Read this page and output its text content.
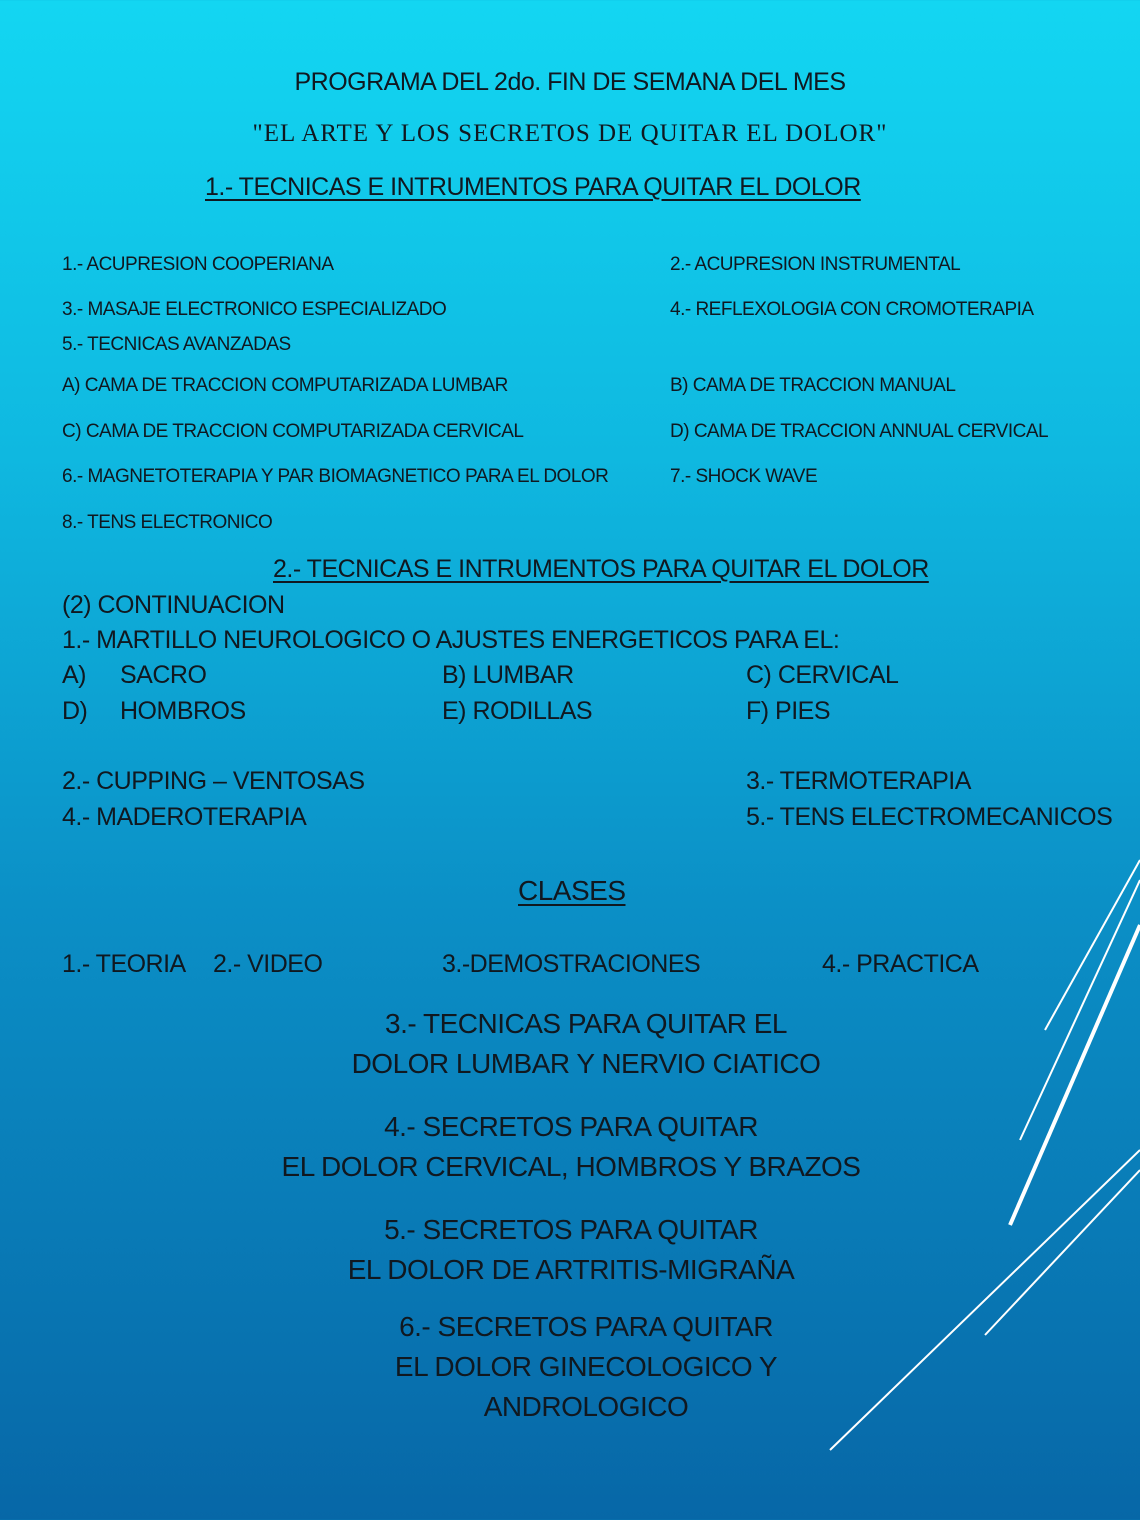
PROGRAMA DEL 2do. FIN DE SEMANA DEL MES
"EL ARTE Y LOS SECRETOS DE QUITAR EL DOLOR"
1.- TECNICAS E INTRUMENTOS PARA QUITAR EL DOLOR
1.- ACUPRESION COOPERIANA	2.- ACUPRESION INSTRUMENTAL
3.- MASAJE ELECTRONICO ESPECIALIZADO	4.- REFLEXOLOGIA CON CROMOTERAPIA
5.- TECNICAS AVANZADAS
A) CAMA DE TRACCION COMPUTARIZADA LUMBAR	B) CAMA DE TRACCION MANUAL
C) CAMA DE TRACCION COMPUTARIZADA CERVICAL	D) CAMA DE TRACCION ANNUAL CERVICAL
6.- MAGNETOTERAPIA Y PAR BIOMAGNETICO PARA EL DOLOR	7.- SHOCK WAVE
8.- TENS ELECTRONICO
2.- TECNICAS E INTRUMENTOS PARA QUITAR EL DOLOR
(2) CONTINUACION
1.- MARTILLO NEUROLOGICO O AJUSTES ENERGETICOS PARA EL:
A) SACRO	B) LUMBAR	C) CERVICAL
D) HOMBROS	E) RODILLAS	F) PIES
2.- CUPPING – VENTOSAS	3.- TERMOTERAPIA
4.- MADEROTERAPIA	5.- TENS ELECTROMECANICOS
CLASES
1.- TEORIA 2.- VIDEO	3.-DEMOSTRACIONES	4.- PRACTICA
3.- TECNICAS PARA QUITAR EL
DOLOR LUMBAR Y NERVIO CIATICO
4.- SECRETOS PARA QUITAR
EL DOLOR CERVICAL, HOMBROS Y BRAZOS
5.- SECRETOS PARA QUITAR
EL DOLOR DE ARTRITIS-MIGRAÑA
6.- SECRETOS PARA QUITAR
EL DOLOR GINECOLOGICO Y
ANDROLOGICO
